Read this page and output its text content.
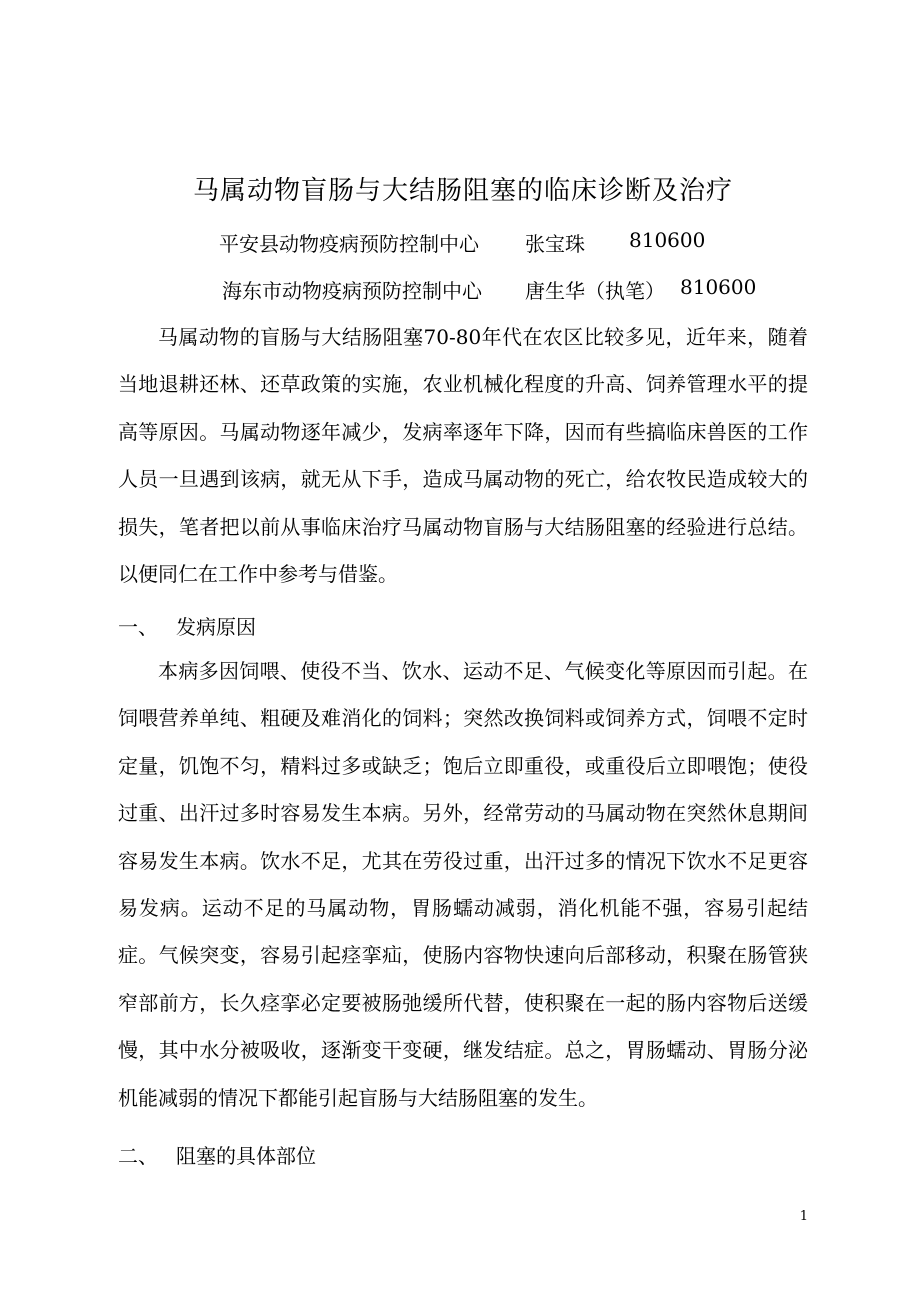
马属动物盲肠与大结肠阻塞的临床诊断及治疗
平安县动物疫病预防控制中心 张宝珠 810600
海东市动物疫病预防控制中心 唐生华（执笔） 810600

马属动物的盲肠与大结肠阻塞70-80年代在农区比较多见，近年来，随着当地退耕还林、还草政策的实施，农业机械化程度的升高、饲养管理水平的提高等原因。马属动物逐年减少，发病率逐年下降，因而有些搞临床兽医的工作人员一旦遇到该病，就无从下手，造成马属动物的死亡，给农牧民造成较大的损失，笔者把以前从事临床治疗马属动物盲肠与大结肠阻塞的经验进行总结。以便同仁在工作中参考与借鉴。

一、 发病原因

本病多因饲喂、使役不当、饮水、运动不足、气候变化等原因而引起。在饲喂营养单纯、粗硬及难消化的饲料；突然改换饲料或饲养方式，饲喂不定时定量，饥饱不匀，精料过多或缺乏；饱后立即重役，或重役后立即喂饱；使役过重、出汗过多时容易发生本病。另外，经常劳动的马属动物在突然休息期间容易发生本病。饮水不足，尤其在劳役过重，出汗过多的情况下饮水不足更容易发病。运动不足的马属动物，胃肠蠕动减弱，消化机能不强，容易引起结症。气候突变，容易引起痉挛疝，使肠内容物快速向后部移动，积聚在肠管狭窄部前方，长久痉挛必定要被肠弛缓所代替，使积聚在一起的肠内容物后送缓慢，其中水分被吸收，逐渐变干变硬，继发结症。总之，胃肠蠕动、胃肠分泌机能减弱的情况下都能引起盲肠与大结肠阻塞的发生。

二、 阻塞的具体部位
1
